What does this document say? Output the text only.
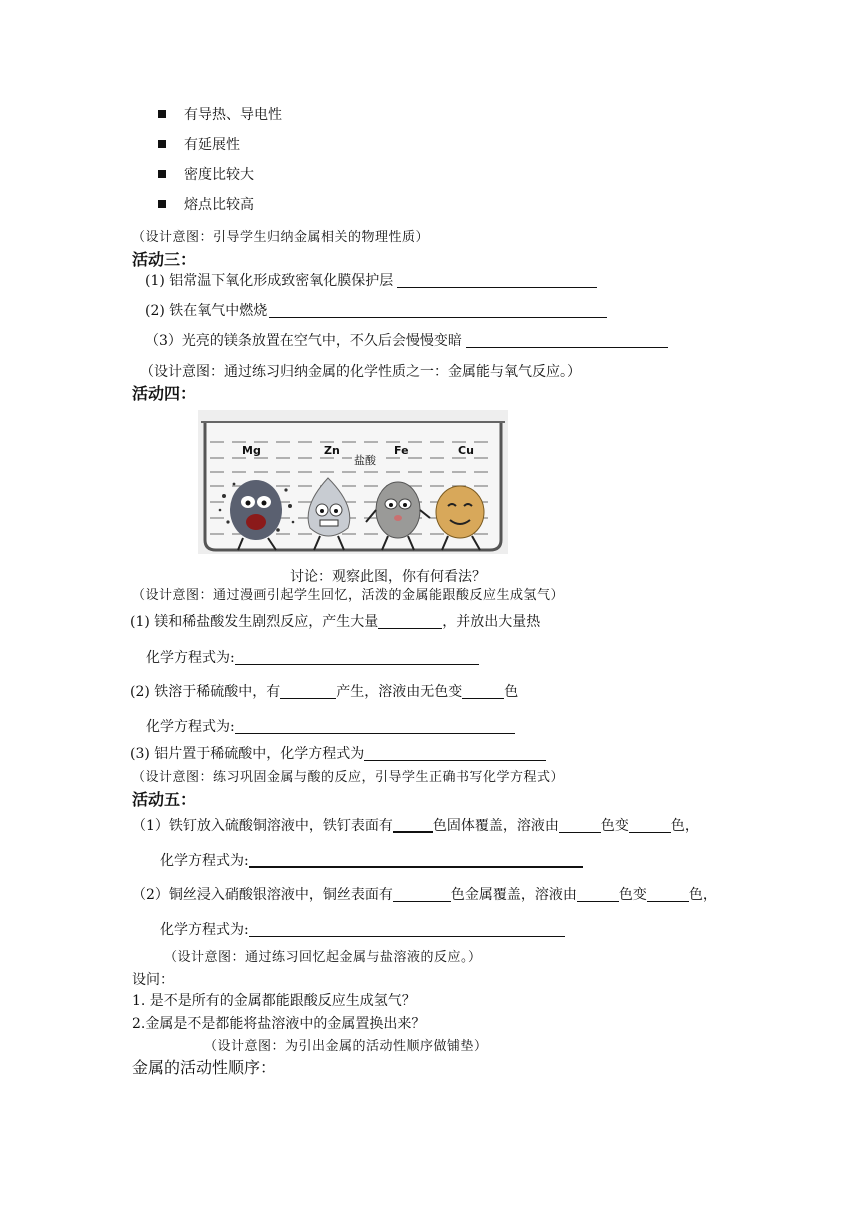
有导热、导电性
有延展性
密度比较大
熔点比较高
（设计意图：引导学生归纳金属相关的物理性质）
活动三：
(1) 铝常温下氧化形成致密氧化膜保护层
(2) 铁在氧气中燃烧
（3）光亮的镁条放置在空气中，不久后会慢慢变暗
（设计意图：通过练习归纳金属的化学性质之一：金属能与氧气反应。）
活动四：
Mg	Zn
盐酸
Fe	Cu
讨论：观察此图，你有何看法？
（设计意图：通过漫画引起学生回忆，活泼的金属能跟酸反应生成氢气）
(1) 镁和稀盐酸发生剧烈反应，产生大量	，并放出大量热
化学方程式为:
(2) 铁溶于稀硫酸中，有	产生，溶液由无色变	色
化学方程式为:
(3) 铝片置于稀硫酸中，化学方程式为
（设计意图：练习巩固金属与酸的反应，引导学生正确书写化学方程式）
活动五：
（1）铁钉放入硫酸铜溶液中，铁钉表面有	色固体覆盖，溶液由	色变	色，
化学方程式为:
（2）铜丝浸入硝酸银溶液中，铜丝表面有	色金属覆盖，溶液由	色变	色，
化学方程式为:
（设计意图：通过练习回忆起金属与盐溶液的反应。）
设问：
1. 是不是所有的金属都能跟酸反应生成氢气？
2.金属是不是都能将盐溶液中的金属置换出来？
（设计意图：为引出金属的活动性顺序做铺垫）
金属的活动性顺序：
